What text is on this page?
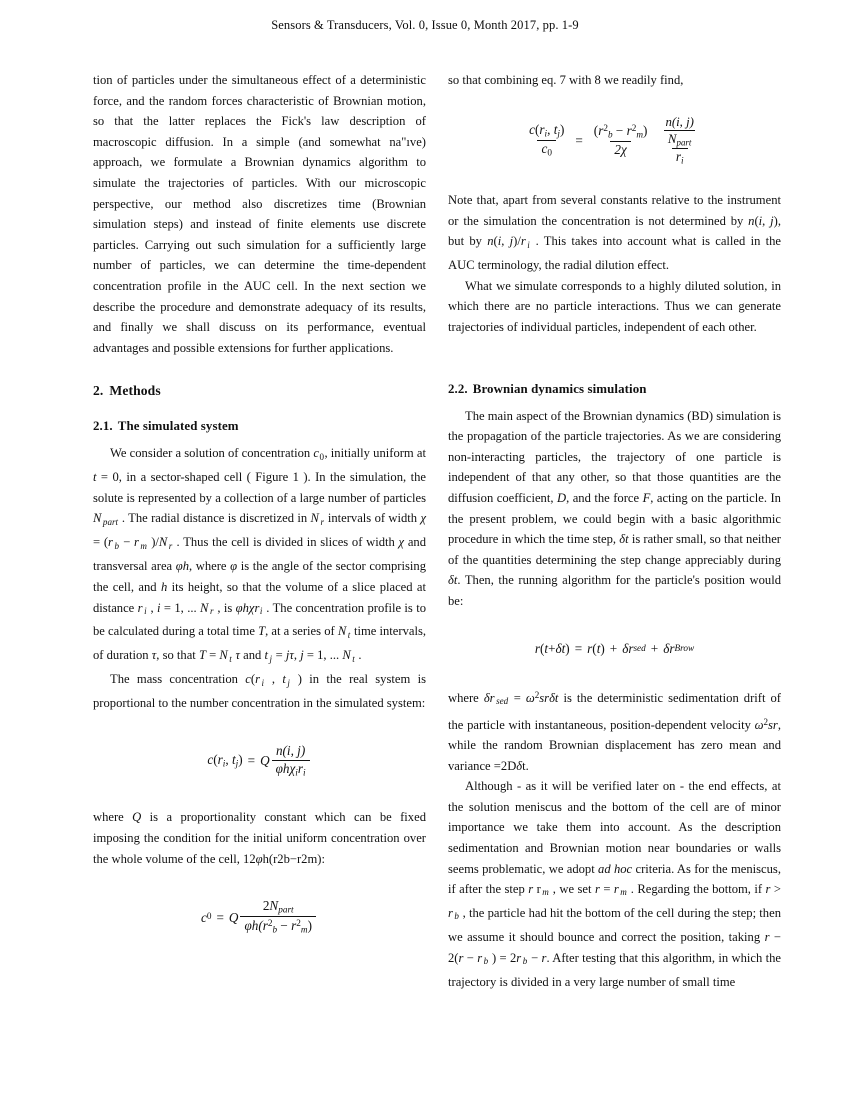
Sensors & Transducers, Vol. 0, Issue 0, Month 2017, pp. 1-9

tion of particles under the simultaneous effect of a deterministic force, and the random forces characteristic of Brownian motion, so that the latter replaces the Fick's law description of macroscopic diffusion. In a simple (and somewhat na"ıve) approach, we formulate a Brownian dynamics algorithm to simulate the trajectories of particles. With our microscopic perspective, our method also discretizes time (Brownian simulation steps) and instead of finite elements use discrete particles. Carrying out such simulation for a sufficiently large number of particles, we can determine the time-dependent concentration profile in the AUC cell. In the next section we describe the procedure and demonstrate adequacy of its results, and finally we shall discuss on its performance, eventual advantages and possible extensions for further applications.

2. Methods
2.1. The simulated system

We consider a solution of concentration $c_0$, initially uniform at t = 0, in a sector-shaped cell ( Figure 1 ). In the simulation, the solute is represented by a collection of a large number of particles N $_{part}$ . The radial distance is discretized in N $_r$ intervals of width χ = (r $_b$ − r $_m$ )/N $_r$ . Thus the cell is divided in slices of width χ and transversal area φh, where φ is the angle of the sector comprising the cell, and h its height, so that the volume of a slice placed at distance r $_i$ , i = 1, ... N $_r$ , is φhχr$_i$ . The concentration profile is to be calculated during a total time T, at a series of N $_t$ time intervals, of duration τ, so that T = N $_t$ τ and t $_j$ = jτ, j = 1, ... N $_t$ .

The mass concentration c(r $_i$ , t $_j$ ) in the real system is proportional to the number concentration in the simulated system:

c(ri, tj) = Q $\frac{n(i, j)}{\text{φhχiri}}$

where Q is a proportionality constant which can be fixed imposing the condition for the initial uniform concentration over the whole volume of the cell, 12φh(r2b−r2m):

c 0 = Q $\frac{\text{2Npart}}{\varphi h(r^2b - r^2m)}$

so that combining eq. 7 with 8 we readily find,

$\frac{c(ri, tj)}{c0} = \frac{(r^2b - r^2m)}{2\chi} \frac{\frac{n(i, j)}{\text{Npart}}}{ri}$

Note that, apart from several constants relative to the instrument or the simulation the concentration is not determined by n(i, j), but by n(i, j)/r $_i$ . This takes into account what is called in the AUC terminology, the radial dilution effect.

What we simulate corresponds to a highly diluted solution, in which there are no particle interactions. Thus we can generate trajectories of individual particles, independent of each other.

2.2. Brownian dynamics simulation

The main aspect of the Brownian dynamics (BD) simulation is the propagation of the particle trajectories. As we are considering non-interacting particles, the trajectory of one particle is independent of that any other, so that those quantities are the diffusion coefficient, D, and the force F, acting on the particle. In the present problem, we could begin with a basic algorithmic procedure in which the time step, δt is rather small, so that neither of the quantities determining the step change appreciably during δt. Then, the running algorithm for the particle's position would be:

r ( t + δt ) = r ( t ) + δr sed + δr Brow

where δr $_{sed} = \omega^2sr\delta t$ is the deterministic sedimentation drift of the particle with instantaneous, position-dependent velocity $\omega^2sr$, while the random Brownian displacement has zero mean and variance =2Dδt.

Although - as it will be verified later on - the end effects, at the solution meniscus and the bottom of the cell are of minor importance we take them into account. As the description sedimentation and Brownian motion near boundaries or walls seems problematic, we adopt ad hoc criteria. As for the meniscus, if after the step r r $_m$ , we set r = r $_m$ . Regarding the bottom, if r > r $_b$ , the particle had hit the bottom of the cell during the step; then we assume it should bounce and correct the position, taking r − 2(r − r $_b$ ) = 2r $_b$ − r. After testing that this algorithm, in which the trajectory is divided in a very large number of small time
